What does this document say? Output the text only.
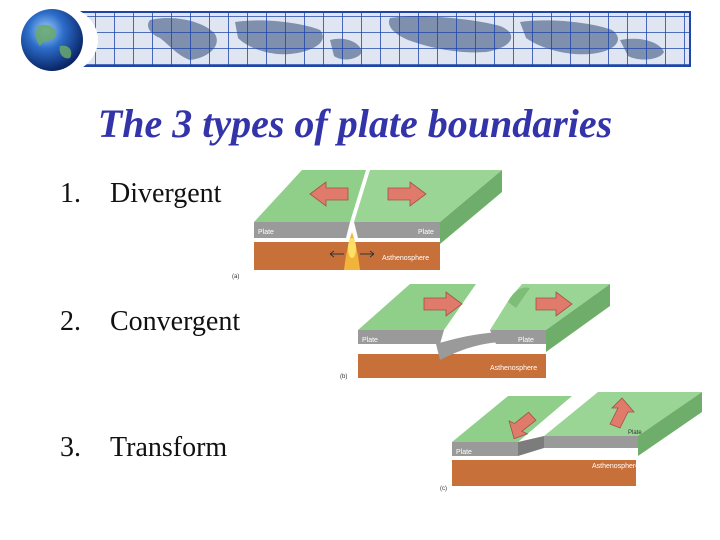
The 3 types of plate boundaries
1. Divergent
2. Convergent
3. Transform
Plate	Plate
Asthenosphere
(a)
Plate	Plate
Asthenosphere
(b)
Plate
Plate
Asthenosphere
(c)
